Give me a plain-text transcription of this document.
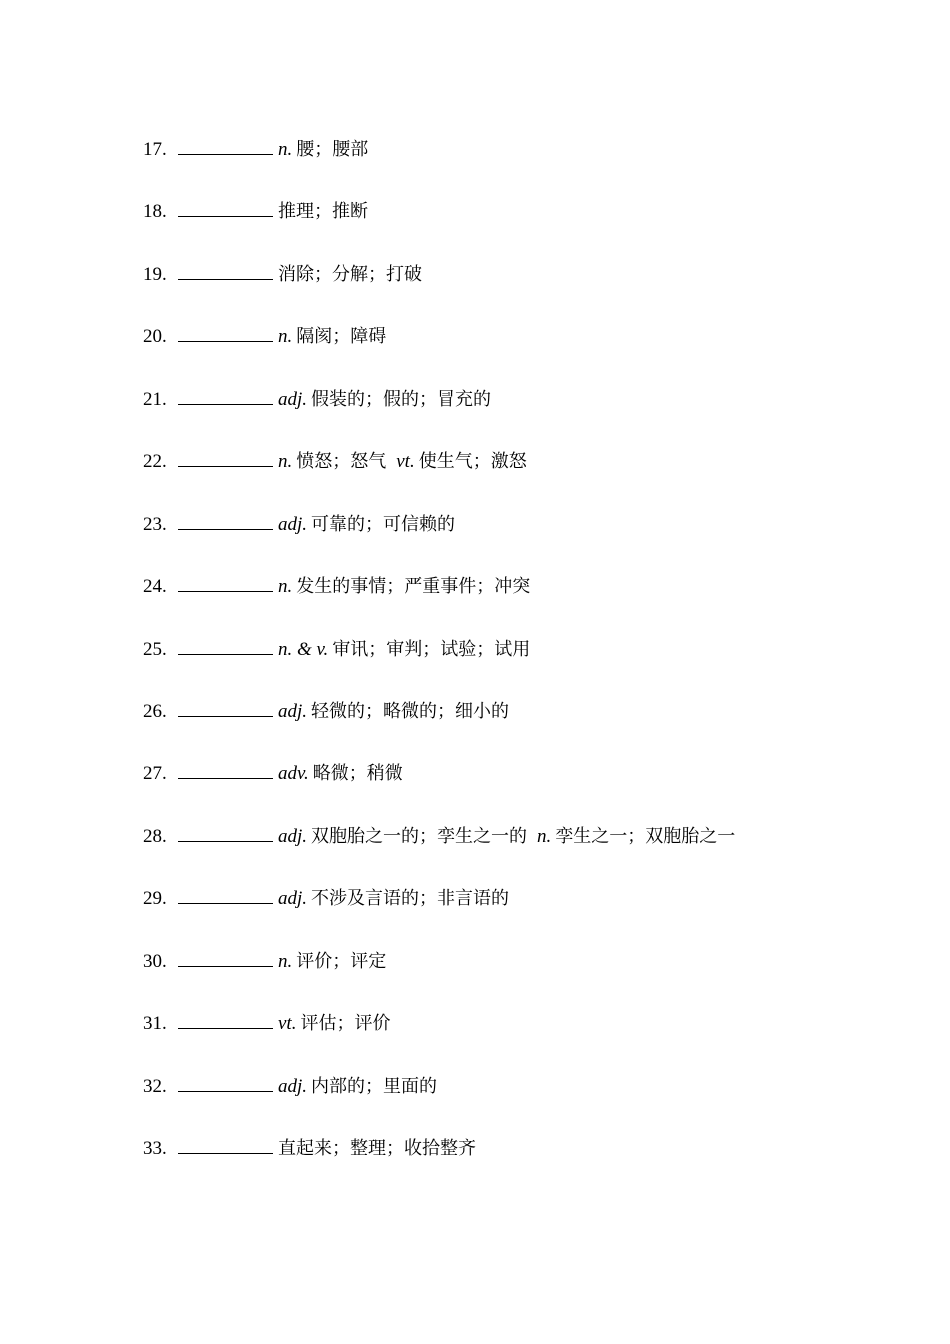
17.	n. 腰；腰部
18.	推理；推断
19.	消除；分解；打破
20.	n. 隔阂；障碍
21.	adj. 假装的；假的；冒充的
22.	n. 愤怒；怒气 vt. 使生气；激怒
23.	adj. 可靠的；可信赖的
24.	n. 发生的事情；严重事件；冲突
25.	n. & v. 审讯；审判；试验；试用
26.	adj. 轻微的；略微的；细小的
27.	adv. 略微；稍微
28.	adj. 双胞胎之一的；孪生之一的 n. 孪生之一；双胞胎之一
29.	adj. 不涉及言语的；非言语的
30.	n. 评价；评定
31.	vt. 评估；评价
32.	adj. 内部的；里面的
33.	直起来；整理；收拾整齐
